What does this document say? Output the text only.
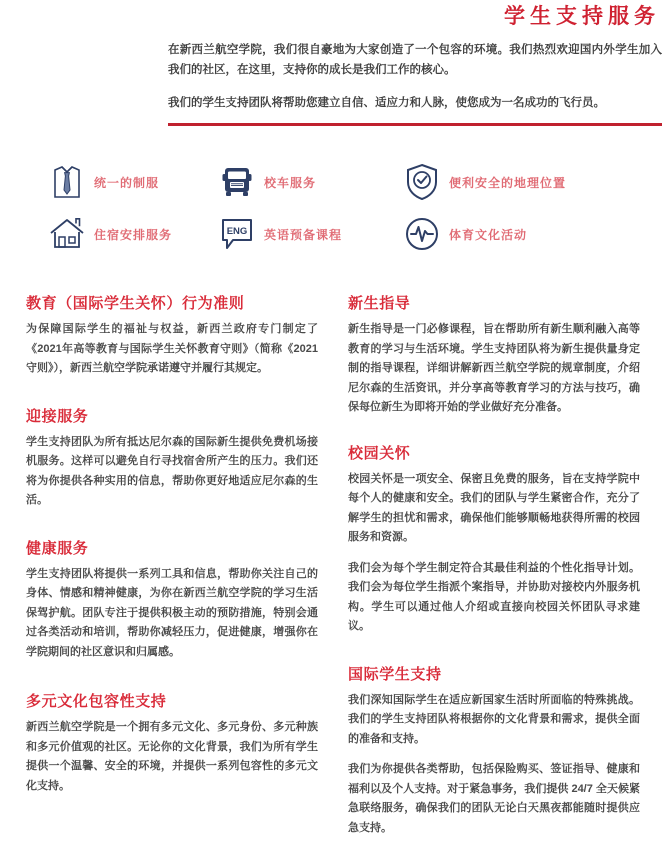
学生支持服务

在新西兰航空学院，我们很自豪地为大家创造了一个包容的环境。我们热烈欢迎国内外学生加入我们的社区，在这里，支持你的成长是我们工作的核心。

我们的学生支持团队将帮助您建立自信、适应力和人脉，使您成为一名成功的飞行员。

统一的制服	校车服务	便利安全的地理位置
住宿安排服务	ENG 英语预备课程	体育文化活动
教育（国际学生关怀）行为准则

为保障国际学生的福祉与权益，新西兰政府专门制定了《2021年高等教育与国际学生关怀教育守则》（简称《2021守则》），新西兰航空学院承诺遵守并履行其规定。

迎接服务

学生支持团队为所有抵达尼尔森的国际新生提供免费机场接机服务。这样可以避免自行寻找宿舍所产生的压力。我们还将为你提供各种实用的信息，帮助你更好地适应尼尔森的生活。

健康服务

学生支持团队将提供一系列工具和信息，帮助你关注自己的身体、情感和精神健康，为你在新西兰航空学院的学习生活保驾护航。团队专注于提供积极主动的预防措施，特别会通过各类活动和培训，帮助你减轻压力，促进健康，增强你在学院期间的社区意识和归属感。

多元文化包容性支持

新西兰航空学院是一个拥有多元文化、多元身份、多元种族和多元价值观的社区。无论你的文化背景，我们为所有学生提供一个温馨、安全的环境，并提供一系列包容性的多元文化支持。

新生指导

新生指导是一门必修课程，旨在帮助所有新生顺利融入高等教育的学习与生活环境。学生支持团队将为新生提供量身定制的指导课程，详细讲解新西兰航空学院的规章制度，介绍尼尔森的生活资讯，并分享高等教育学习的方法与技巧，确保每位新生为即将开始的学业做好充分准备。

校园关怀

校园关怀是一项安全、保密且免费的服务，旨在支持学院中每个人的健康和安全。我们的团队与学生紧密合作，充分了解学生的担忧和需求，确保他们能够顺畅地获得所需的校园服务和资源。

我们会为每个学生制定符合其最佳利益的个性化指导计划。我们会为每位学生指派个案指导，并协助对接校内外服务机构。学生可以通过他人介绍或直接向校园关怀团队寻求建议。

国际学生支持

我们深知国际学生在适应新国家生活时所面临的特殊挑战。我们的学生支持团队将根据你的文化背景和需求，提供全面的准备和支持。

我们为你提供各类帮助，包括保险购买、签证指导、健康和福利以及个人支持。对于紧急事务，我们提供 24/7 全天候紧急联络服务，确保我们的团队无论白天黑夜都能随时提供应急支持。
